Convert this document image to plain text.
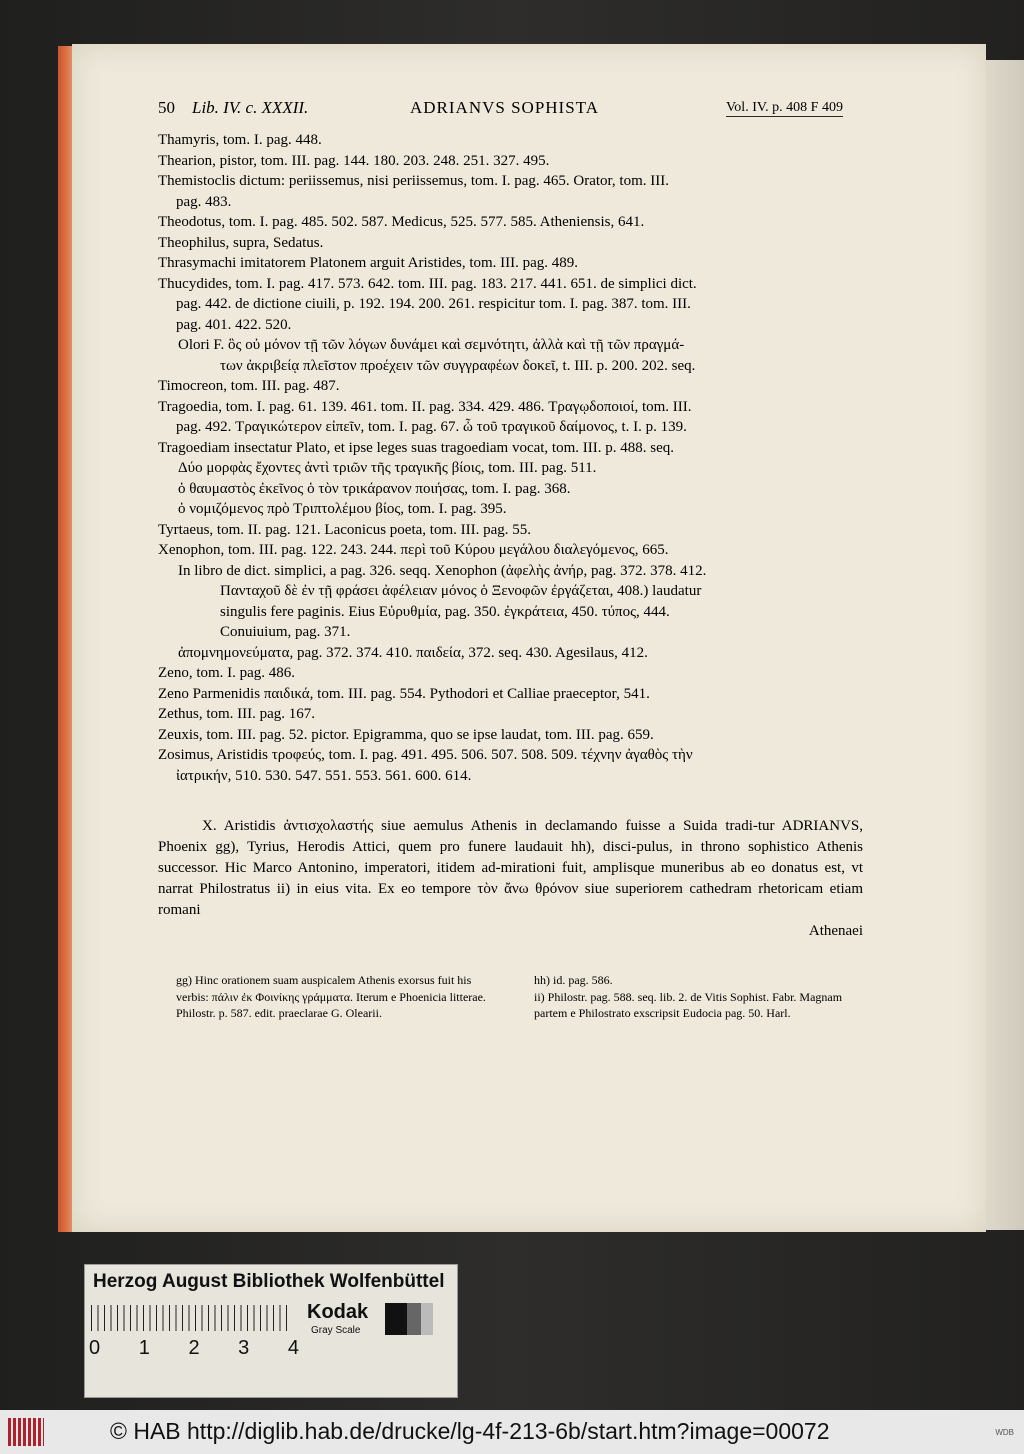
50 Lib. IV. c. XXXII.	ADRIANVS SOPHISTA	Vol. IV. p. 408 F 409
Thamyris, tom. I. pag. 448.
Thearion, pistor, tom. III. pag. 144. 180. 203. 248. 251. 327. 495.
Themistoclis dictum: periissemus, nisi periissemus, tom. I. pag. 465. Orator, tom. III.
pag. 483.
Theodotus, tom. I. pag. 485. 502. 587. Medicus, 525. 577. 585. Atheniensis, 641.
Theophilus, supra, Sedatus.
Thrasymachi imitatorem Platonem arguit Aristides, tom. III. pag. 489.
Thucydides, tom. I. pag. 417. 573. 642. tom. III. pag. 183. 217. 441. 651. de simplici dict.
pag. 442. de dictione ciuili, p. 192. 194. 200. 261. respicitur tom. I. pag. 387. tom. III.
pag. 401. 422. 520.
Olori F. ὃς οὐ μόνον τῇ τῶν λόγων δυνάμει καὶ σεμνότητι, ἀλλὰ καὶ τῇ τῶν πραγμά-
των ἀκριβείᾳ πλεῖστον προέχειν τῶν συγγραφέων δοκεῖ, t. III. p. 200. 202. seq.
Timocreon, tom. III. pag. 487.
Tragoedia, tom. I. pag. 61. 139. 461. tom. II. pag. 334. 429. 486. Τραγῳδοποιοί, tom. III.
pag. 492. Τραγικώτερον εἰπεῖν, tom. I. pag. 67. ὦ τοῦ τραγικοῦ δαίμονος, t. I. p. 139.
Tragoediam insectatur Plato, et ipse leges suas tragoediam vocat, tom. III. p. 488. seq.
Δύο μορφὰς ἔχοντες ἀντὶ τριῶν τῆς τραγικῆς βίοις, tom. III. pag. 511.
ὁ θαυμαστὸς ἐκεῖνος ὁ τὸν τρικάρανον ποιήσας, tom. I. pag. 368.
ὁ νομιζόμενος πρὸ Τριπτολέμου βίος, tom. I. pag. 395.
Tyrtaeus, tom. II. pag. 121. Laconicus poeta, tom. III. pag. 55.
Xenophon, tom. III. pag. 122. 243. 244. περὶ τοῦ Κύρου μεγάλου διαλεγόμενος, 665.
In libro de dict. simplici, a pag. 326. seqq. Xenophon (ἀφελὴς ἀνήρ, pag. 372. 378. 412.
Πανταχοῦ δὲ ἐν τῇ φράσει ἀφέλειαν μόνος ὁ Ξενοφῶν ἐργάζεται, 408.) laudatur
singulis fere paginis. Eius Εὐρυθμία, pag. 350. ἐγκράτεια, 450. τύπος, 444.
Conuiuium, pag. 371.
ἀπομνημονεύματα, pag. 372. 374. 410. παιδεία, 372. seq. 430. Agesilaus, 412.
Zeno, tom. I. pag. 486.
Zeno Parmenidis παιδικά, tom. III. pag. 554. Pythodori et Calliae praeceptor, 541.
Zethus, tom. III. pag. 167.
Zeuxis, tom. III. pag. 52. pictor. Epigramma, quo se ipse laudat, tom. III. pag. 659.
Zosimus, Aristidis τροφεύς, tom. I. pag. 491. 495. 506. 507. 508. 509. τέχνην ἀγαθὸς τὴν
ἰατρικήν, 510. 530. 547. 551. 553. 561. 600. 614.
X. Aristidis ἀντισχολαστής siue aemulus Athenis in declamando fuisse a Suida tradi-tur ADRIANVS, Phoenix gg), Tyrius, Herodis Attici, quem pro funere laudauit hh), disci-pulus, in throno sophistico Athenis successor. Hic Marco Antonino, imperatori, itidem ad-mirationi fuit, amplisque muneribus ab eo donatus est, vt narrat Philostratus ii) in eius vita. Ex eo tempore τὸν ἄνω θρόνον siue superiorem cathedram rhetoricam etiam romani
Athenaei
gg) Hinc orationem suam auspicalem Athenis exorsus fuit his verbis: πάλιν ἐκ Φοινίκης γράμματα. Iterum e Phoenicia litterae. Philostr. p. 587. edit. praeclarae G. Olearii.
hh) id. pag. 586.
ii) Philostr. pag. 588. seq. lib. 2. de Vitis Sophist. Fabr. Magnam partem e Philostrato exscripsit Eudocia pag. 50. Harl.
Herzog August Bibliothek Wolfenbüttel
0 1 2 3 4
Kodak
Gray Scale
© HAB http://diglib.hab.de/drucke/lg-4f-213-6b/start.htm?image=00072	WDB
